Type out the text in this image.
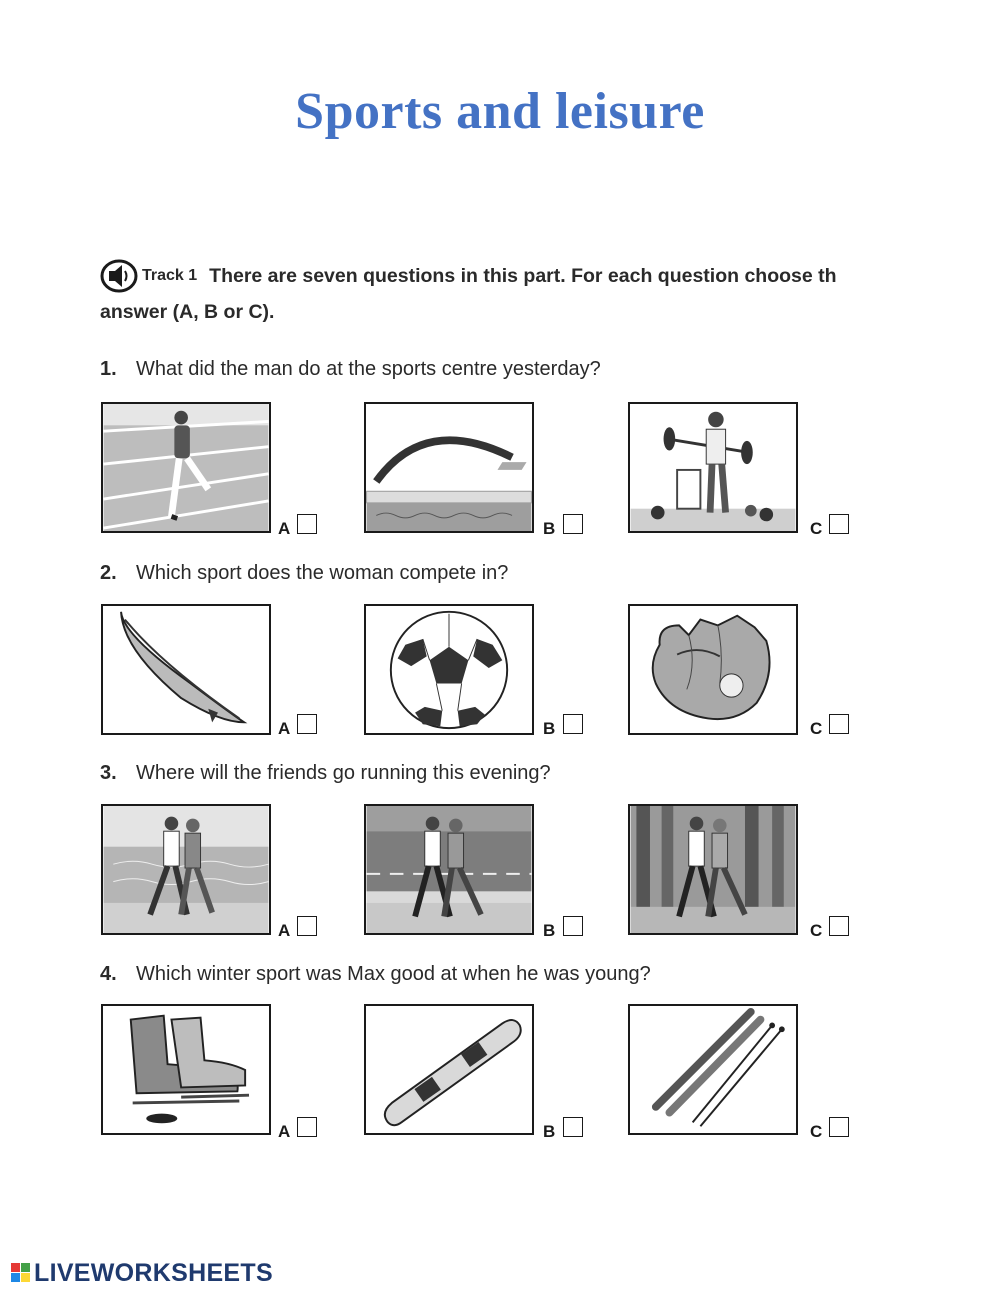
Sports and leisure
Track 1 There are seven questions in this part. For each question choose th
answer (A, B or C).
1. What did the man do at the sports centre yesterday?
A	B	C
2. Which sport does the woman compete in?
A	B	C
3. Where will the friends go running this evening?
A	B	C
4. Which winter sport was Max good at when he was young?
A	B	C
LIVEWORKSHEETS
